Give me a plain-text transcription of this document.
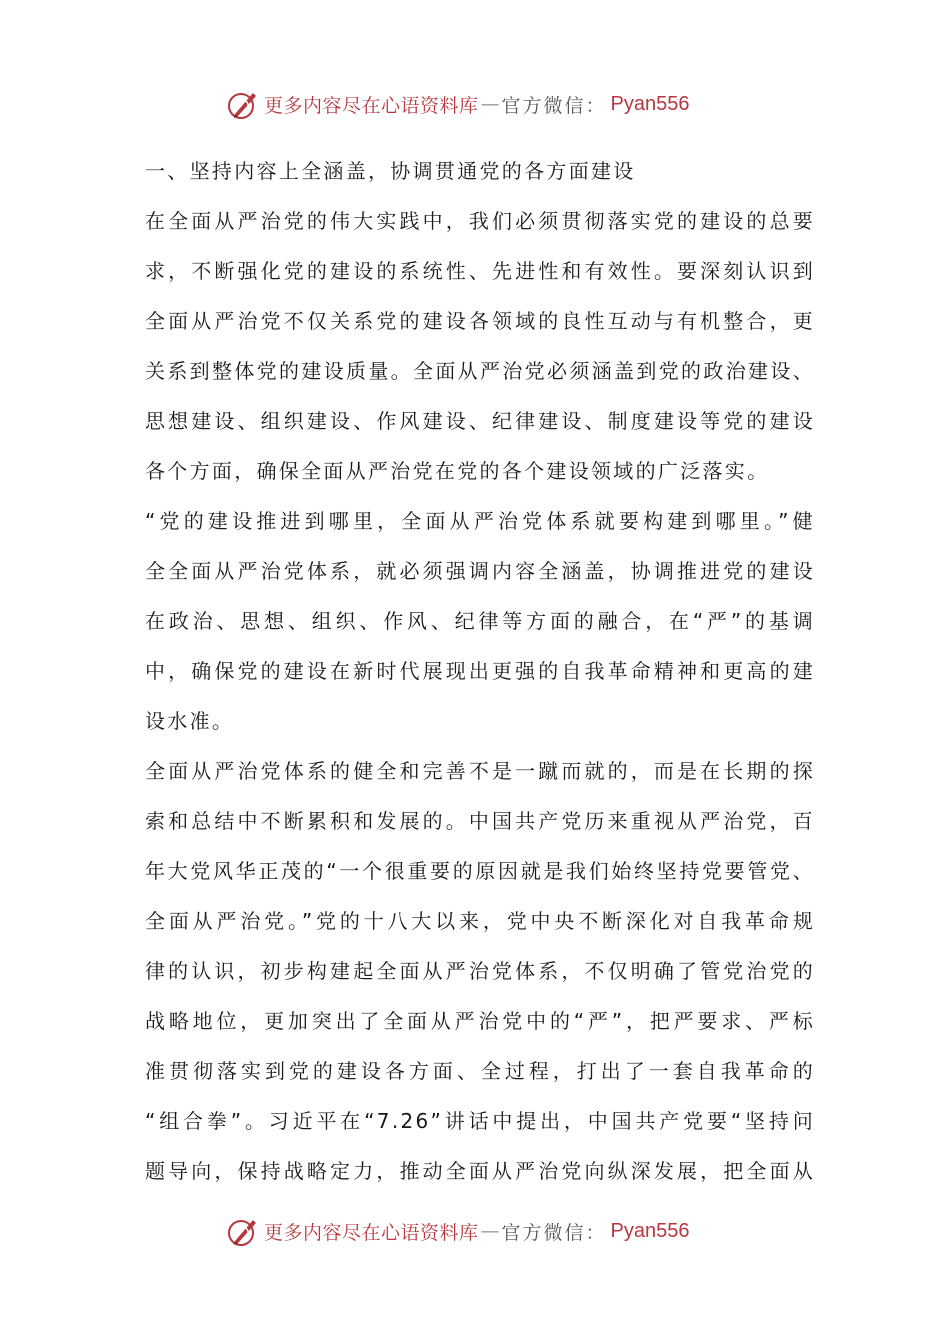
更多内容尽在心语资料库 — 官方微信： Pyan556
一、坚持内容上全涵盖，协调贯通党的各方面建设
在全面从严治党的伟大实践中，我们必须贯彻落实党的建设的总要
求，不断强化党的建设的系统性、先进性和有效性。要深刻认识到
全面从严治党不仅关系党的建设各领域的良性互动与有机整合，更
关系到整体党的建设质量。全面从严治党必须涵盖到党的政治建设、
思想建设、组织建设、作风建设、纪律建设、制度建设等党的建设
各个方面，确保全面从严治党在党的各个建设领域的广泛落实。
“党的建设推进到哪里，全面从严治党体系就要构建到哪里。”健
全全面从严治党体系，就必须强调内容全涵盖，协调推进党的建设
在政治、思想、组织、作风、纪律等方面的融合，在“严”的基调
中，确保党的建设在新时代展现出更强的自我革命精神和更高的建
设水准。
全面从严治党体系的健全和完善不是一蹴而就的，而是在长期的探
索和总结中不断累积和发展的。中国共产党历来重视从严治党，百
年大党风华正茂的“一个很重要的原因就是我们始终坚持党要管党、
全面从严治党。”党的十八大以来，党中央不断深化对自我革命规
律的认识，初步构建起全面从严治党体系，不仅明确了管党治党的
战略地位，更加突出了全面从严治党中的“严”，把严要求、严标
准贯彻落实到党的建设各方面、全过程，打出了一套自我革命的
“组合拳”。习近平在“7.26”讲话中提出，中国共产党要“坚持问
题导向，保持战略定力，推动全面从严治党向纵深发展，把全面从
更多内容尽在心语资料库 — 官方微信： Pyan556
